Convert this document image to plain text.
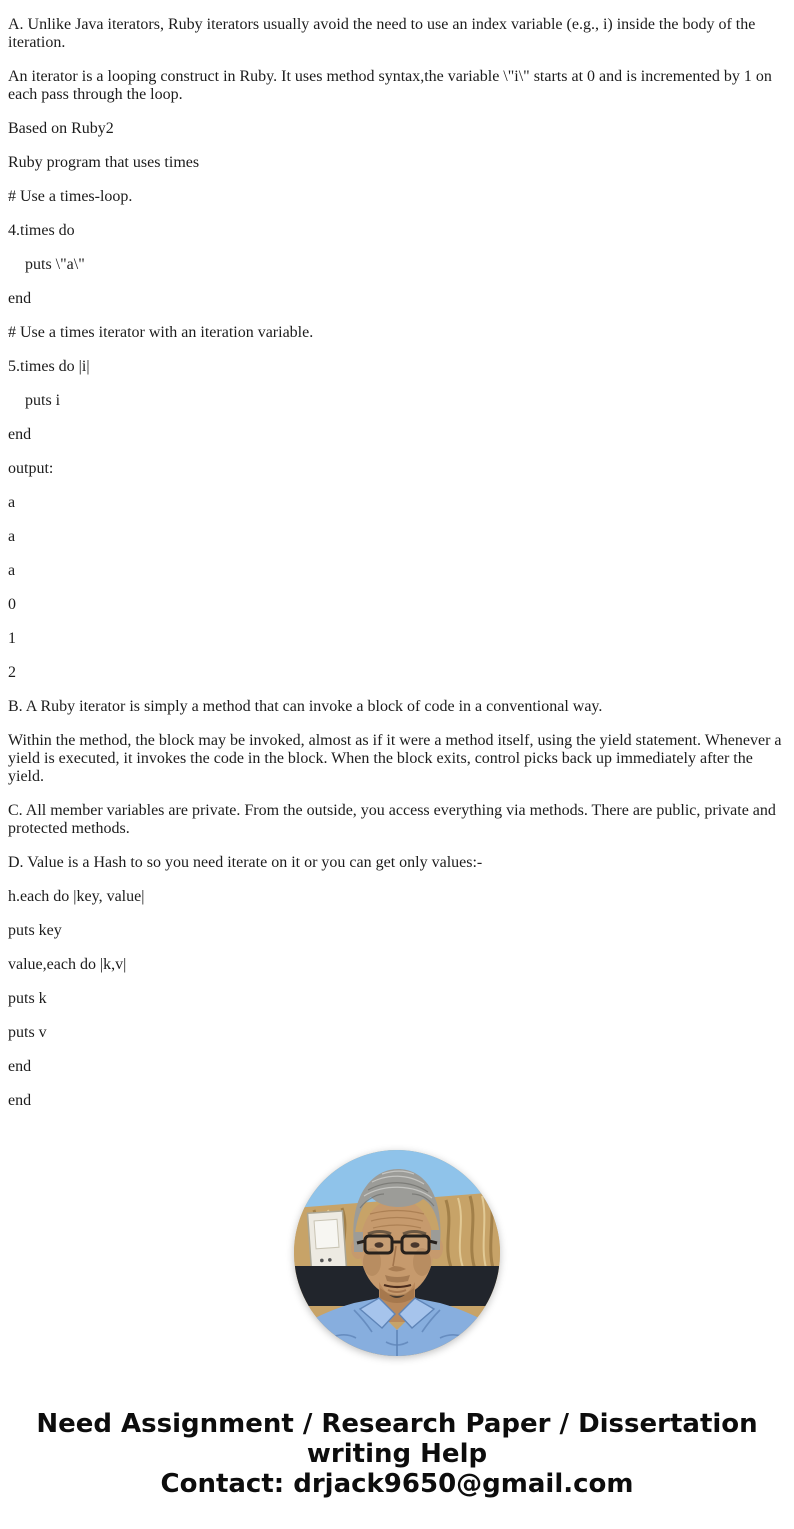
A. Unlike Java iterators, Ruby iterators usually avoid the need to use an index variable (e.g., i) inside the body of the iteration.

An iterator is a looping construct in Ruby. It uses method syntax,the variable \"i\" starts at 0 and is incremented by 1 on each pass through the loop.

Based on Ruby2

Ruby program that uses times

# Use a times-loop.

4.times do

puts \"a\"

end

# Use a times iterator with an iteration variable.

5.times do |i|

puts i

end

output:

a

a

a

0

1

2

B. A Ruby iterator is simply a method that can invoke a block of code in a conventional way.

Within the method, the block may be invoked, almost as if it were a method itself, using the yield statement. Whenever a yield is executed, it invokes the code in the block. When the block exits, control picks back up immediately after the yield.

C. All member variables are private. From the outside, you access everything via methods. There are public, private and protected methods.

D. Value is a Hash to so you need iterate on it or you can get only values:-

h.each do |key, value|

puts key

value,each do |k,v|

puts k

puts v

end

end

Need Assignment / Research Paper / Dissertation
writing Help
Contact: drjack9650@gmail.com
